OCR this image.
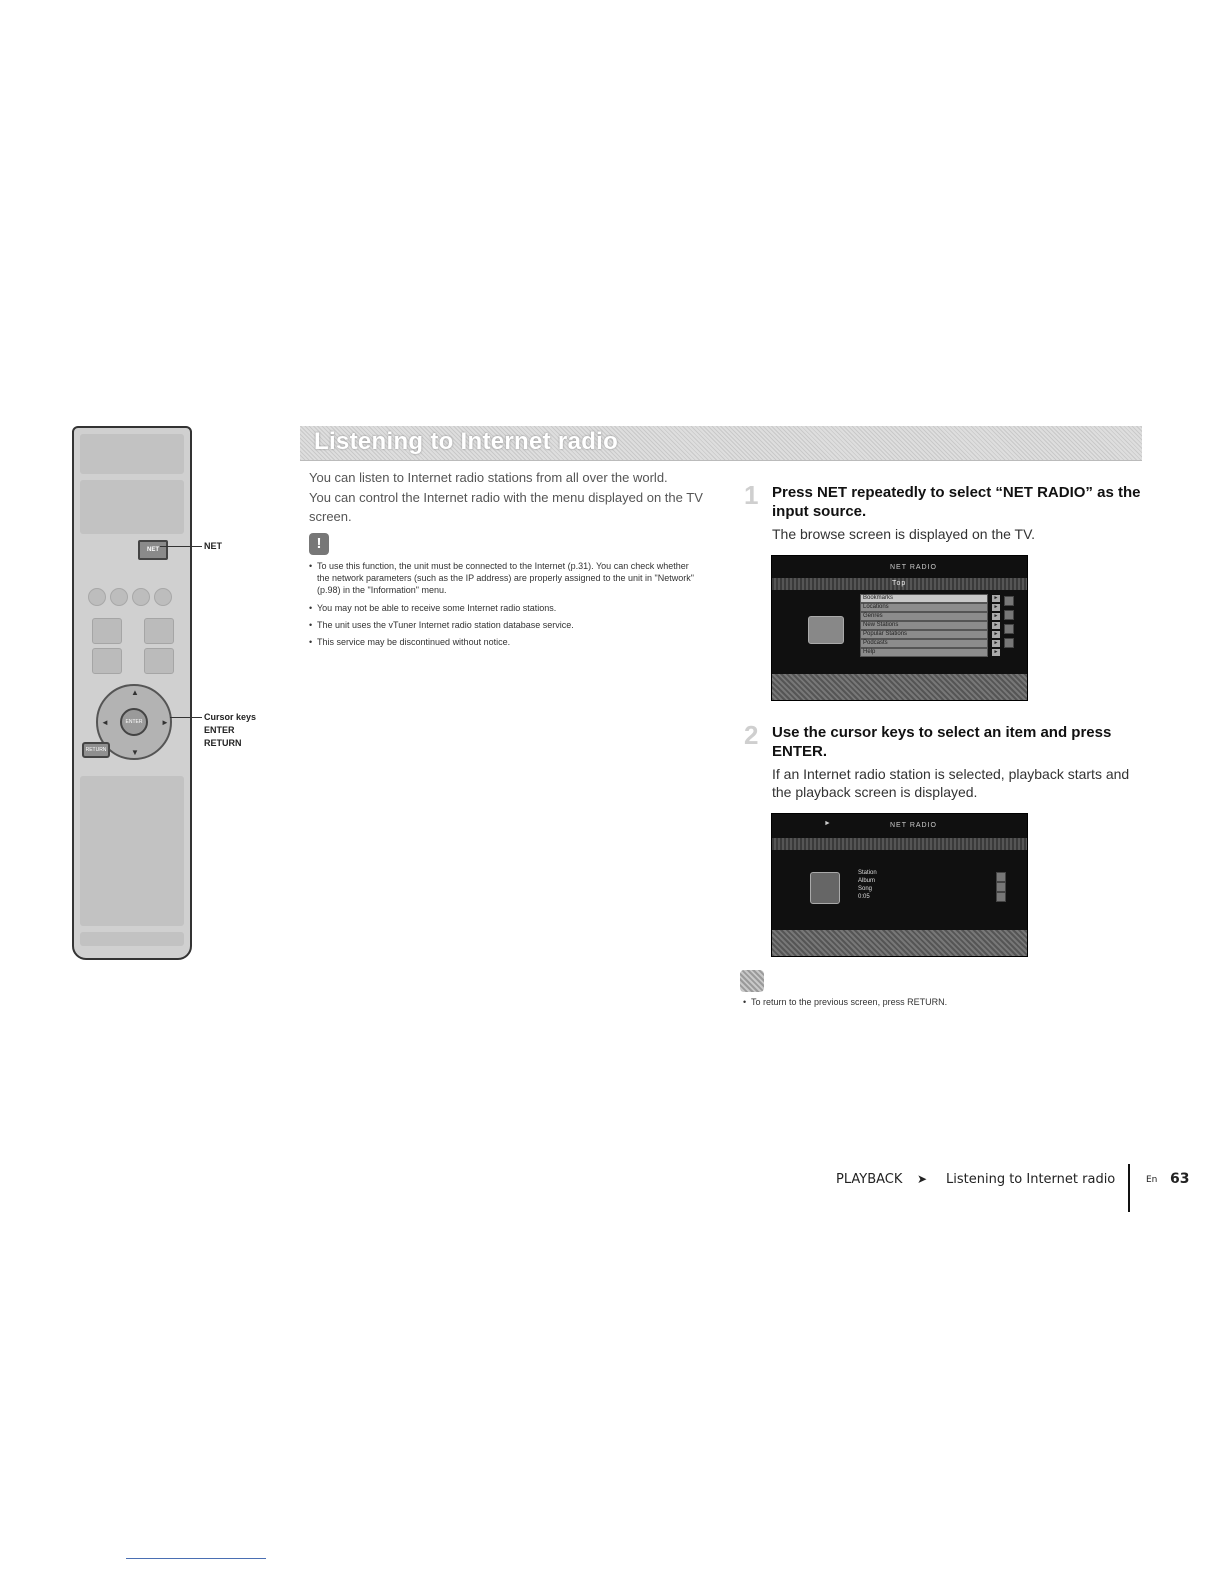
NET
▲
▼
◄	►
ENTER
RETURN
NET
Cursor keys
ENTER
RETURN
Listening to Internet radio
You can listen to Internet radio stations from all over the world.
You can control the Internet radio with the menu displayed on the TV screen.
!
• To use this function, the unit must be connected to the Internet (p.31). You can check whether the network parameters (such as the IP address) are properly assigned to the unit in "Network" (p.98) in the "Information" menu.
• You may not be able to receive some Internet radio stations.
• The unit uses the vTuner Internet radio station database service.
• This service may be discontinued without notice.
1 Press NET repeatedly to select “NET RADIO” as the input source.
The browse screen is displayed on the TV.
NET RADIO
Top
Bookmarks
Locations
Genres
New Stations
Popular Stations
Podcasts
Help
►
►
►
►
►
►
►
2 Use the cursor keys to select an item and press ENTER.
If an Internet radio station is selected, playback starts and the playback screen is displayed.
►	NET RADIO
Station
Album
Song
0:05
• To return to the previous screen, press RETURN.
PLAYBACK ➤ Listening to Internet radio	En 63
